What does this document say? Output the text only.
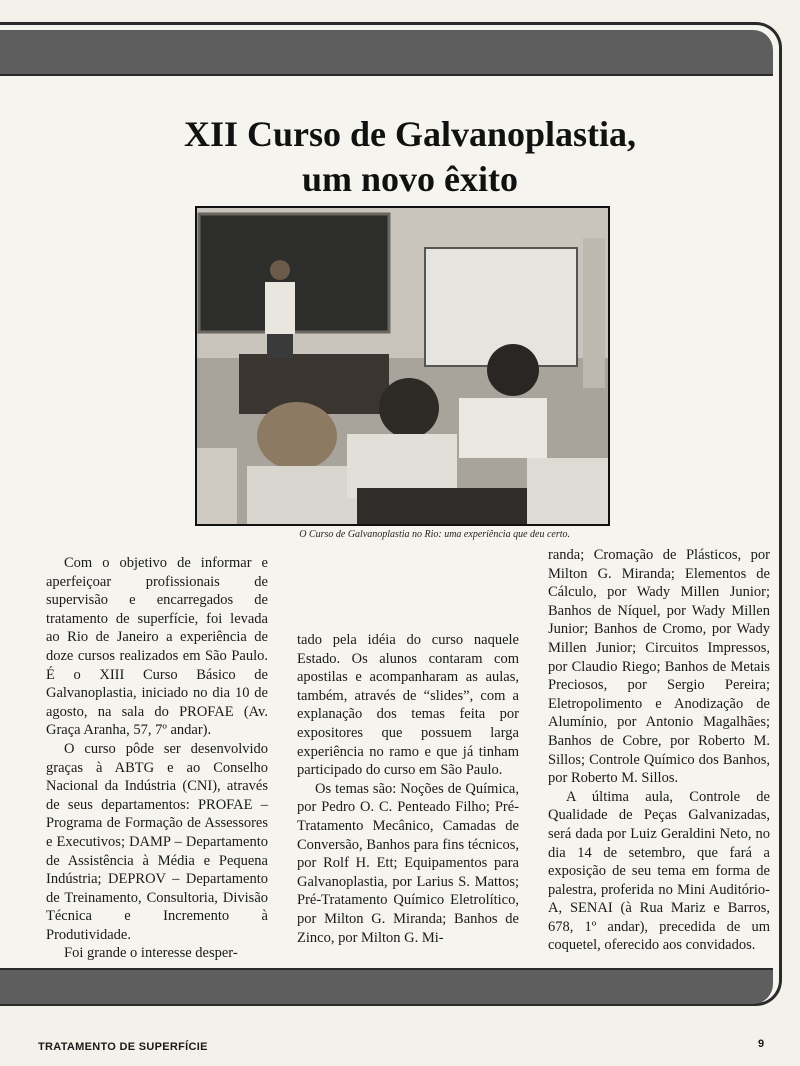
XII Curso de Galvanoplastia,
um novo êxito
O Curso de Galvanoplastia no Rio: uma experiência que deu certo.

Com o objetivo de informar e aperfeiçoar profissionais de supervisão e encarregados de tratamento de superfície, foi levada ao Rio de Janeiro a experiência de doze cursos realizados em São Paulo. É o XIII Curso Básico de Galvanoplastia, iniciado no dia 10 de agosto, na sala do PROFAE (Av. Graça Aranha, 57, 7º andar).

O curso pôde ser desenvolvido graças à ABTG e ao Conselho Nacional da Indústria (CNI), através de seus departamentos: PROFAE – Programa de Formação de Assessores e Executivos; DAMP – Departamento de Assistência à Média e Pequena Indústria; DEPROV – Departamento de Treinamento, Consultoria, Divisão Técnica e Incremento à Produtividade.

Foi grande o interesse desper-

tado pela idéia do curso naquele Estado. Os alunos contaram com apostilas e acompanharam as aulas, também, através de “slides”, com a explanação dos temas feita por expositores que possuem larga experiência no ramo e que já tinham participado do curso em São Paulo.

Os temas são: Noções de Química, por Pedro O. C. Penteado Filho; Pré-Tratamento Mecânico, Camadas de Conversão, Banhos para fins técnicos, por Rolf H. Ett; Equipamentos para Galvanoplastia, por Larius S. Mattos; Pré-Tratamento Químico Eletrolítico, por Milton G. Miranda; Banhos de Zinco, por Milton G. Mi-

randa; Cromação de Plásticos, por Milton G. Miranda; Elementos de Cálculo, por Wady Millen Junior; Banhos de Níquel, por Wady Millen Junior; Banhos de Cromo, por Wady Millen Junior; Circuitos Impressos, por Claudio Riego; Banhos de Metais Preciosos, por Sergio Pereira; Eletropolimento e Anodização de Alumínio, por Antonio Magalhães; Banhos de Cobre, por Roberto M. Sillos; Controle Químico dos Banhos, por Roberto M. Sillos.

A última aula, Controle de Qualidade de Peças Galvanizadas, será dada por Luiz Geraldini Neto, no dia 14 de setembro, que fará a exposição de seu tema em forma de palestra, proferida no Mini Auditório-A, SENAI (à Rua Mariz e Barros, 678, 1º andar), precedida de um coquetel, oferecido aos convidados.

TRATAMENTO DE SUPERFÍCIE	9
